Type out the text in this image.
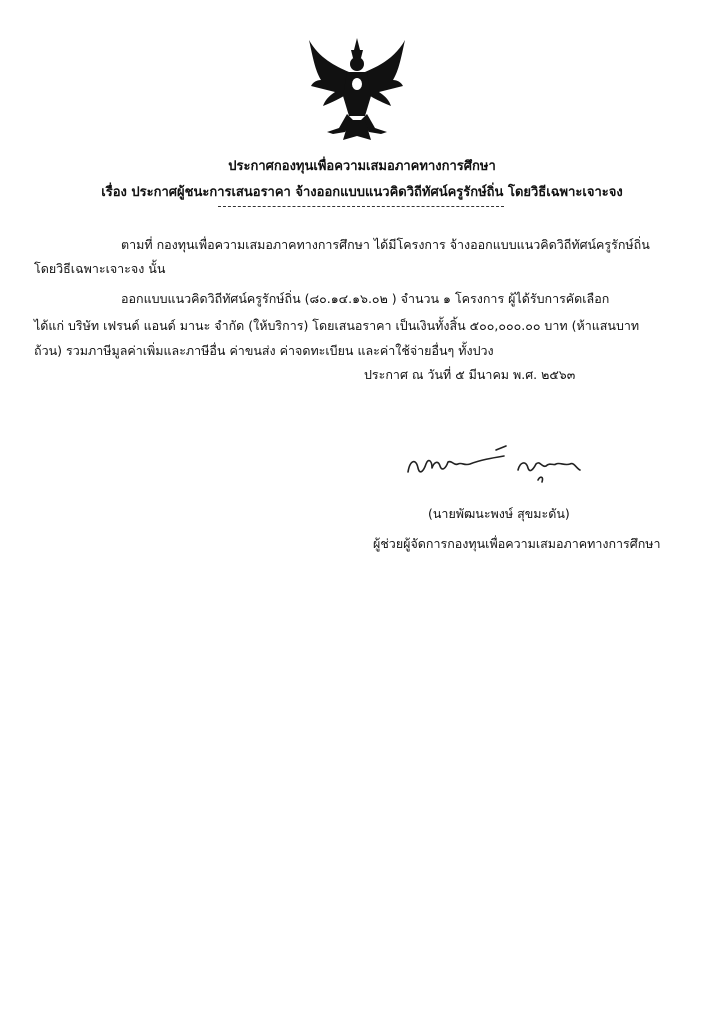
ประกาศกองทุนเพื่อความเสมอภาคทางการศึกษา
เรื่อง ประกาศผู้ชนะการเสนอราคา จ้างออกแบบแนวคิดวิถีทัศน์ครูรักษ์ถิ่น โดยวิธีเฉพาะเจาะจง
ตามที่ กองทุนเพื่อความเสมอภาคทางการศึกษา ได้มีโครงการ จ้างออกแบบแนวคิดวิถีทัศน์ครูรักษ์ถิ่น
โดยวิธีเฉพาะเจาะจง นั้น
ออกแบบแนวคิดวิถีทัศน์ครูรักษ์ถิ่น (๘๐.๑๔.๑๖.๐๒ ) จำนวน ๑ โครงการ ผู้ได้รับการคัดเลือก
ได้แก่ บริษัท เฟรนด์ แอนด์ มานะ จำกัด (ให้บริการ) โดยเสนอราคา เป็นเงินทั้งสิ้น ๕๐๐,๐๐๐.๐๐ บาท (ห้าแสนบาท
ถ้วน) รวมภาษีมูลค่าเพิ่มและภาษีอื่น ค่าขนส่ง ค่าจดทะเบียน และค่าใช้จ่ายอื่นๆ ทั้งปวง
ประกาศ ณ วันที่ ๕ มีนาคม พ.ศ. ๒๕๖๓
(นายพัฒนะพงษ์ สุขมะดัน)
ผู้ช่วยผู้จัดการกองทุนเพื่อความเสมอภาคทางการศึกษา
